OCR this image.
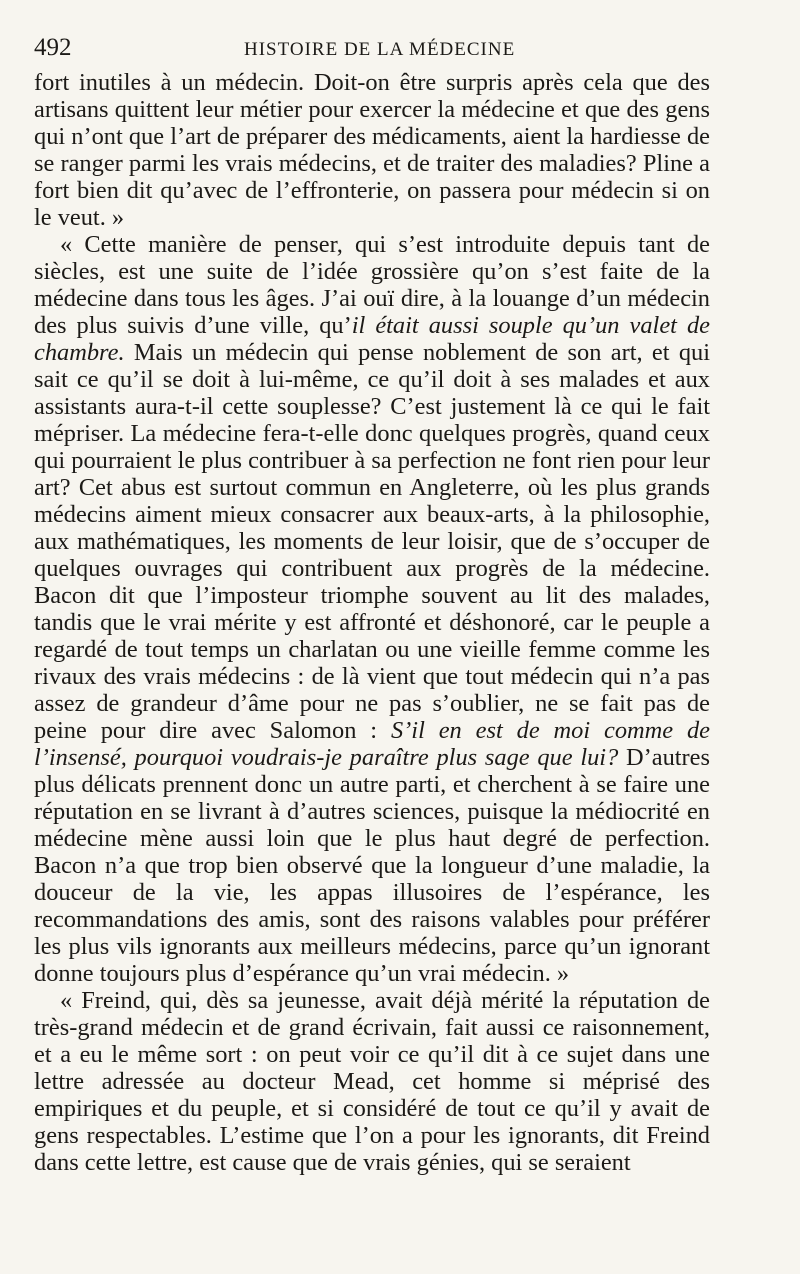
492	HISTOIRE DE LA MÉDECINE

fort inutiles à un médecin. Doit-on être surpris après cela que des artisans quittent leur métier pour exercer la médecine et que des gens qui n’ont que l’art de préparer des médicaments, aient la hardiesse de se ranger parmi les vrais médecins, et de traiter des maladies? Pline a fort bien dit qu’avec de l’effronterie, on passera pour médecin si on le veut. »

« Cette manière de penser, qui s’est introduite depuis tant de siècles, est une suite de l’idée grossière qu’on s’est faite de la médecine dans tous les âges. J’ai ouï dire, à la louange d’un médecin des plus suivis d’une ville, qu’il était aussi souple qu’un valet de chambre. Mais un médecin qui pense noblement de son art, et qui sait ce qu’il se doit à lui-même, ce qu’il doit à ses malades et aux assistants aura-t-il cette souplesse? C’est justement là ce qui le fait mépriser. La médecine fera-t-elle donc quelques progrès, quand ceux qui pourraient le plus contribuer à sa perfection ne font rien pour leur art? Cet abus est surtout commun en Angleterre, où les plus grands médecins aiment mieux consacrer aux beaux-arts, à la philosophie, aux mathématiques, les moments de leur loisir, que de s’occuper de quelques ouvrages qui contribuent aux progrès de la médecine. Bacon dit que l’imposteur triomphe souvent au lit des malades, tandis que le vrai mérite y est affronté et déshonoré, car le peuple a regardé de tout temps un charlatan ou une vieille femme comme les rivaux des vrais médecins : de là vient que tout médecin qui n’a pas assez de grandeur d’âme pour ne pas s’oublier, ne se fait pas de peine pour dire avec Salomon : S’il en est de moi comme de l’insensé, pourquoi voudrais-je paraître plus sage que lui? D’autres plus délicats prennent donc un autre parti, et cherchent à se faire une réputation en se livrant à d’autres sciences, puisque la médiocrité en médecine mène aussi loin que le plus haut degré de perfection. Bacon n’a que trop bien observé que la longueur d’une maladie, la douceur de la vie, les appas illusoires de l’espérance, les recommandations des amis, sont des raisons valables pour préférer les plus vils ignorants aux meilleurs médecins, parce qu’un ignorant donne toujours plus d’espérance qu’un vrai médecin. »

« Freind, qui, dès sa jeunesse, avait déjà mérité la réputation de très-grand médecin et de grand écrivain, fait aussi ce raisonnement, et a eu le même sort : on peut voir ce qu’il dit à ce sujet dans une lettre adressée au docteur Mead, cet homme si méprisé des empiriques et du peuple, et si considéré de tout ce qu’il y avait de gens respectables. L’estime que l’on a pour les ignorants, dit Freind dans cette lettre, est cause que de vrais génies, qui se seraient
